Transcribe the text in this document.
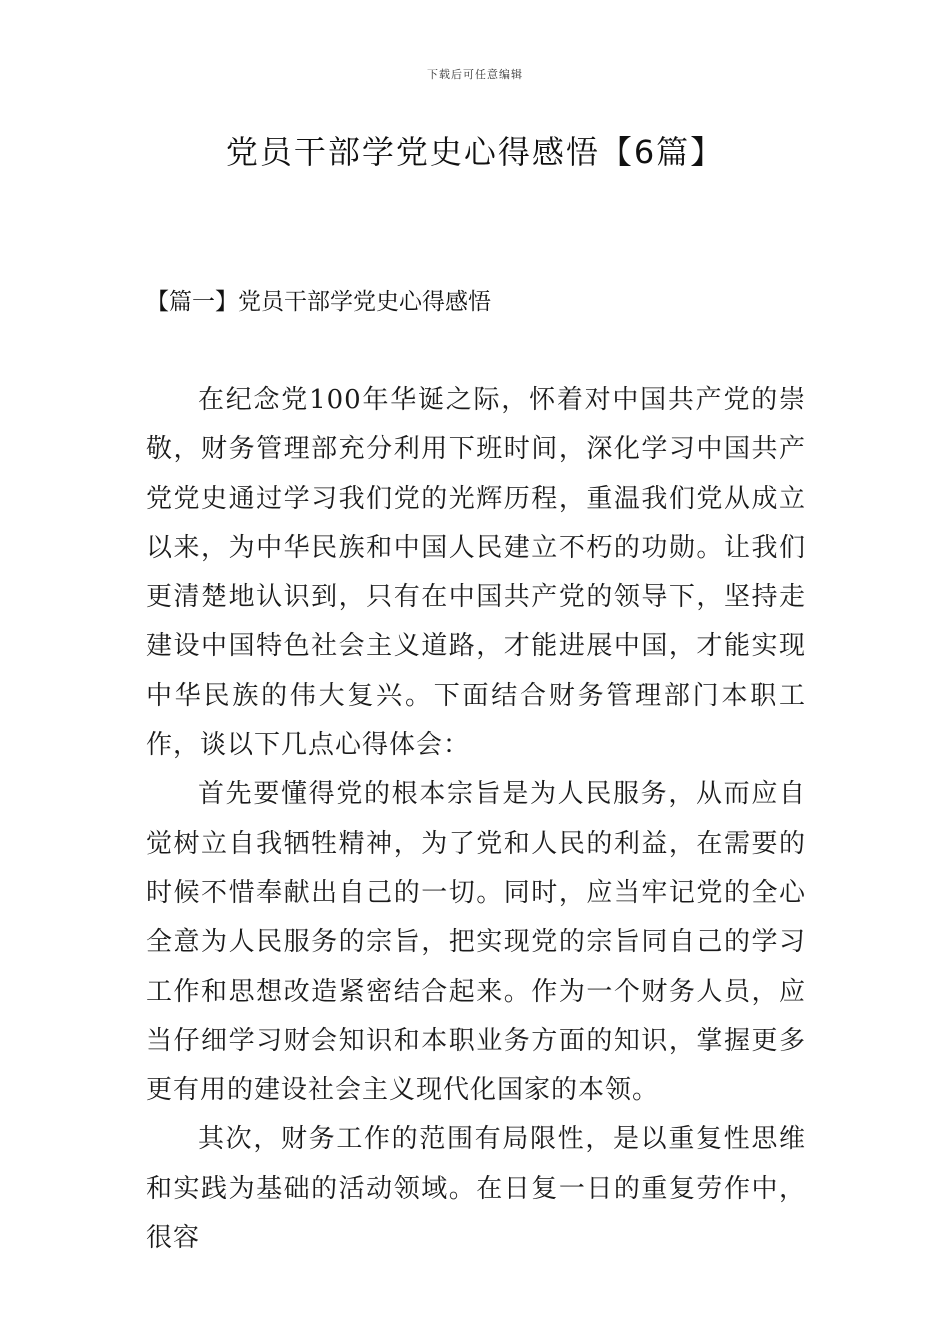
下载后可任意编辑
党员干部学党史心得感悟【6篇】
【篇一】党员干部学党史心得感悟

在纪念党100年华诞之际，怀着对中国共产党的崇敬，财务管理部充分利用下班时间，深化学习中国共产党党史通过学习我们党的光辉历程，重温我们党从成立以来，为中华民族和中国人民建立不朽的功勋。让我们更清楚地认识到，只有在中国共产党的领导下，坚持走建设中国特色社会主义道路，才能进展中国，才能实现中华民族的伟大复兴。下面结合财务管理部门本职工作，谈以下几点心得体会：

首先要懂得党的根本宗旨是为人民服务，从而应自觉树立自我牺牲精神，为了党和人民的利益，在需要的时候不惜奉献出自己的一切。同时，应当牢记党的全心全意为人民服务的宗旨，把实现党的宗旨同自己的学习工作和思想改造紧密结合起来。作为一个财务人员，应当仔细学习财会知识和本职业务方面的知识，掌握更多更有用的建设社会主义现代化国家的本领。

其次，财务工作的范围有局限性，是以重复性思维和实践为基础的活动领域。在日复一日的重复劳作中，很容
